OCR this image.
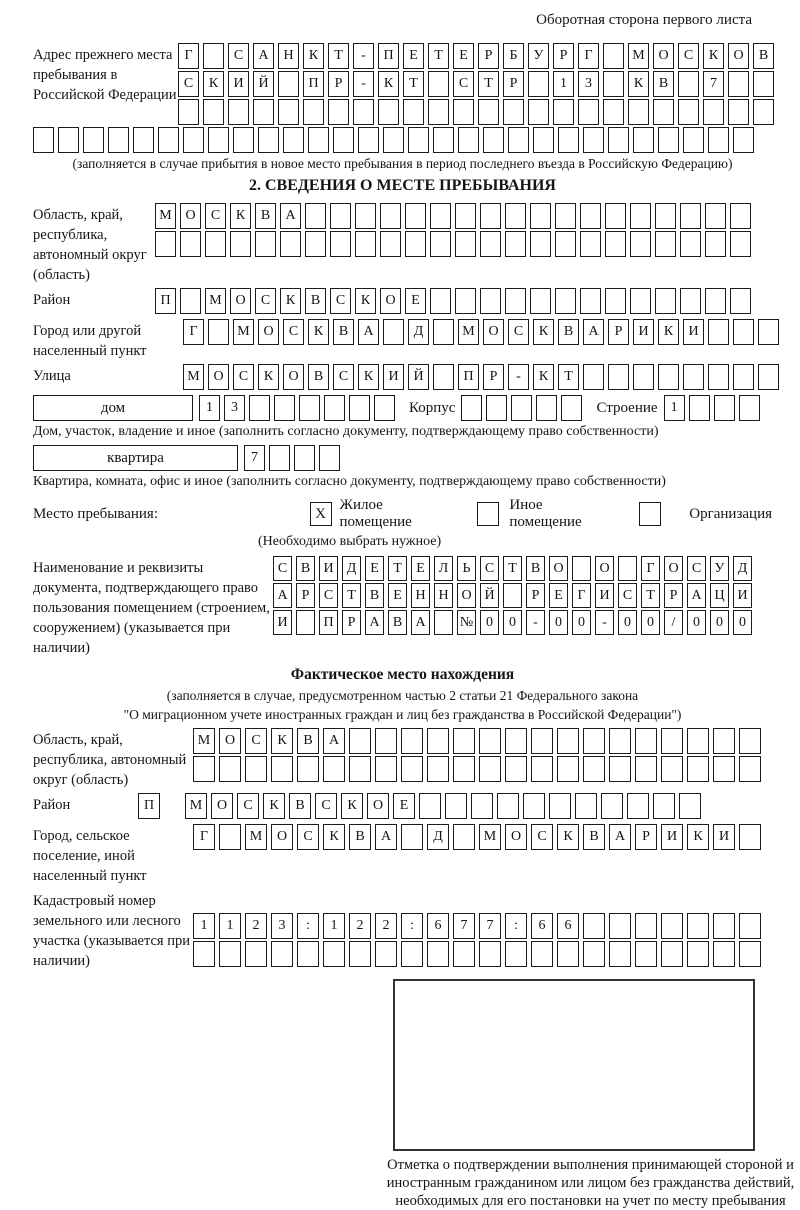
Оборотная сторона первого листа
Адрес прежнего места пребывания в Российской Федерации
Г	С	А	Н	К	Т	-	П	Е	Т	Е	Р	Б	У	Р	Г	М О	С	К	О	В
С	К	И	Й	П	Р	-	К	Т	С	Т	Р	1	3	К	В	7
(заполняется в случае прибытия в новое место пребывания в период последнего въезда в Российскую Федерацию)
2. СВЕДЕНИЯ О МЕСТЕ ПРЕБЫВАНИЯ
Область, край, республика, автономный округ (область)
М О	С	К	В	А
Район	П	М О	С	К	В	С	К	О	Е
Город или другой населенный пункт
Г	М О	С	К	В	А	Д	М О	С	К	В	А	Р	И	К	И
Улица	М О	С	К	О	В	С	К	И	Й	П	Р	-	К	Т
дом	1	3	Корпус	Строение 1
Дом, участок, владение и иное (заполнить согласно документу, подтверждающему право собственности)
квартира	7
Квартира, комната, офис и иное (заполнить согласно документу, подтверждающему право собственности)
Место пребывания:	X
Жилое помещение
Иное помещение
Организация
(Необходимо выбрать нужное)
Наименование и реквизиты документа, подтверждающего право пользования помещением (строением, сооружением) (указывается при наличии)
С В И Д Е	Т	Е Л	Ь	С	Т	В О	О	Г О С У Д
А	Р	С	Т	В	Е Н Н О Й	Р	Е	Г И С	Т	Р	А Ц И
И	П	Р	А В А	№ 0	0	-	0	0	-	0	0	/	0	0	0
Фактическое место нахождения
(заполняется в случае, предусмотренном частью 2 статьи 21 Федерального закона
"О миграционном учете иностранных граждан и лиц без гражданства в Российской Федерации")
Область, край, республика, автономный округ (область)
М	О	С	К	В	А
Район	П	М	О	С	К	В	С	К	О	Е
Город, сельское поселение, иной населенный пункт
Г	М	О	С	К	В	А	Д	М	О	С	К	В	А	Р	И	К	И
Кадастровый номер земельного или лесного участка (указывается при наличии)
1	1	2	3	:	1	2	2	:	6	7	7	:	6	6
Отметка о подтверждении выполнения принимающей стороной и иностранным гражданином или лицом без гражданства действий, необходимых для его постановки на учет по месту пребывания
